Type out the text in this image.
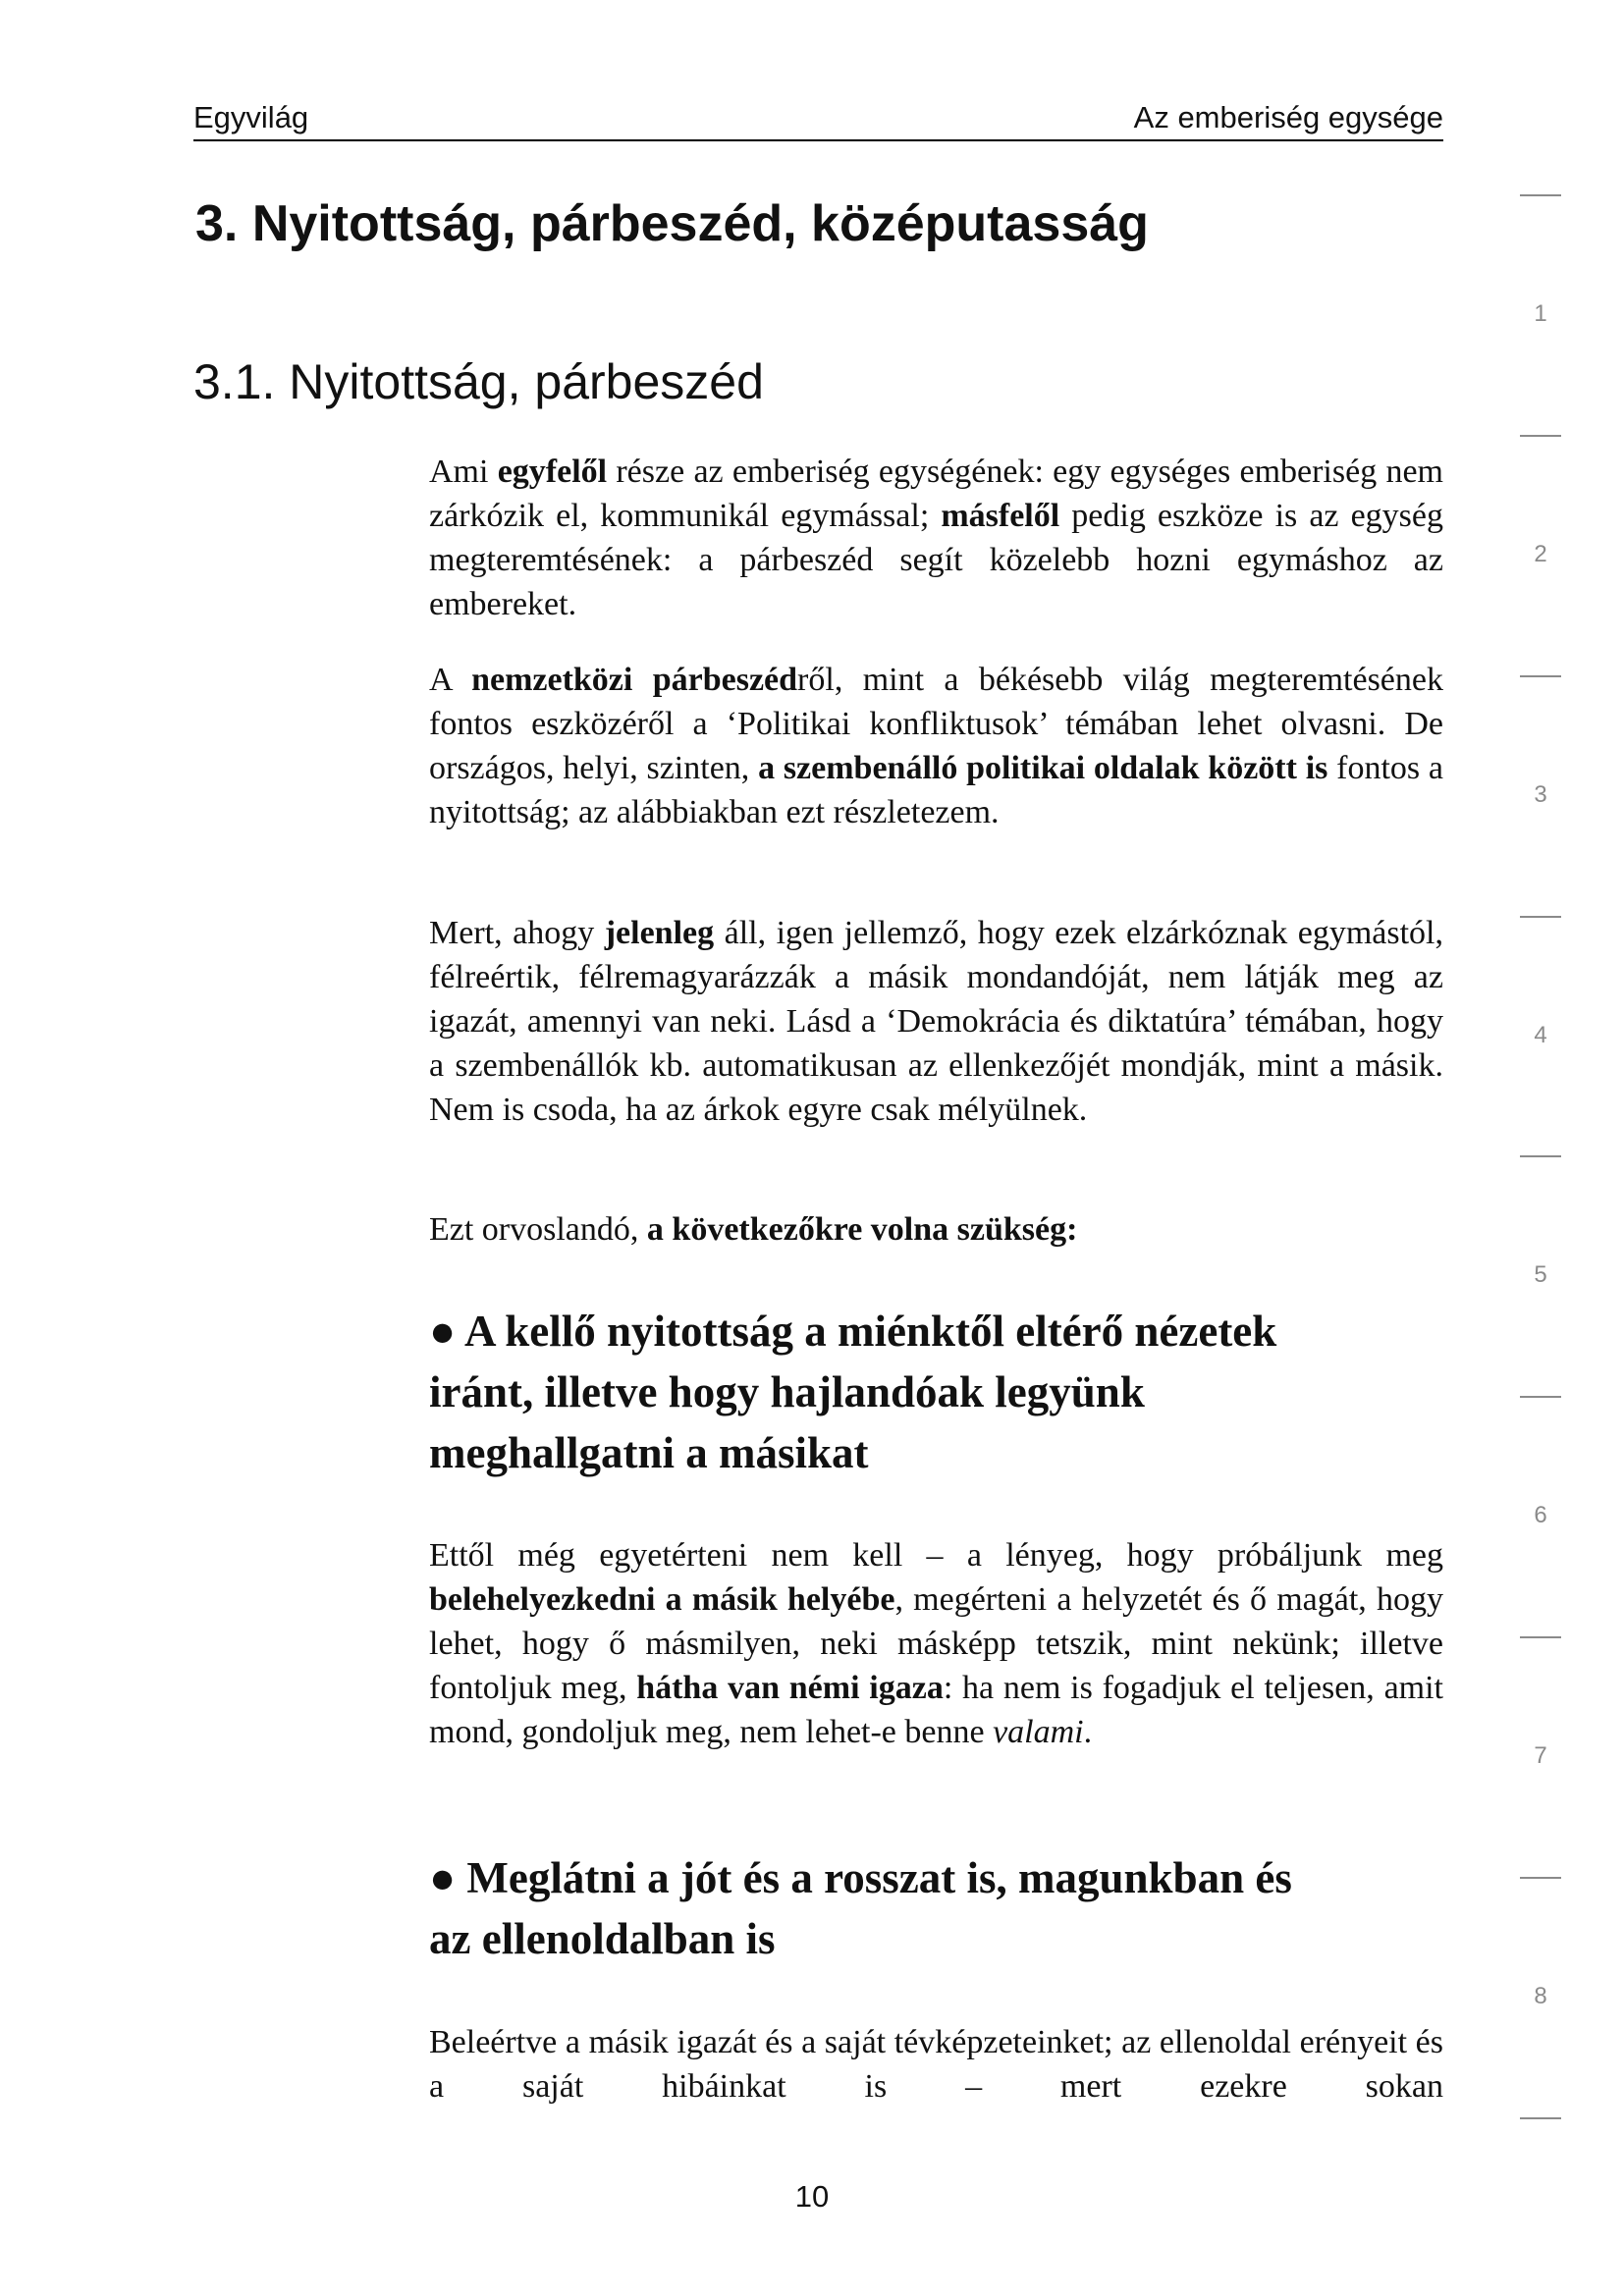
Egyvilág	Az emberiség egysége
3. Nyitottság, párbeszéd, középutasság
3.1. Nyitottság, párbeszéd

Ami egyfelől része az emberiség egységének: egy egységes emberiség nem zárkózik el, kommunikál egymással; másfelől pedig eszköze is az egység megteremtésének: a párbeszéd segít közelebb hozni egymáshoz az embereket.

A nemzetközi párbeszédről, mint a békésebb világ megteremtésének fontos eszközéről a ‘Politikai konfliktusok’ témában lehet olvasni. De országos, helyi, szinten, a szembenálló politikai oldalak között is fontos a nyitottság; az alábbiakban ezt részletezem.

Mert, ahogy jelenleg áll, igen jellemző, hogy ezek elzárkóznak egymástól, félreértik, félremagyarázzák a másik mondandóját, nem látják meg az igazát, amennyi van neki. Lásd a ‘Demokrácia és diktatúra’ témában, hogy a szembenállók kb. automatikusan az ellenkezőjét mondják, mint a másik. Nem is csoda, ha az árkok egyre csak mélyülnek.

Ezt orvoslandó, a következőkre volna szükség:

● A kellő nyitottság a miénktől eltérő nézetek
iránt, illetve hogy hajlandóak legyünk
meghallgatni a másikat

Ettől még egyetérteni nem kell – a lényeg, hogy próbáljunk meg belehelyezkedni a másik helyébe, megérteni a helyzetét és ő magát, hogy lehet, hogy ő másmilyen, neki másképp tetszik, mint nekünk; illetve fontoljuk meg, hátha van némi igaza: ha nem is fogadjuk el teljesen, amit mond, gondoljuk meg, nem lehet-e benne valami.

● Meglátni a jót és a rosszat is, magunkban és
az ellenoldalban is

Beleértve a másik igazát és a saját tévképzeteinket; az ellenoldal erényeit és a saját hibáinkat is – mert ezekre sokan

1
2
3
4
5
6
7
8
10
